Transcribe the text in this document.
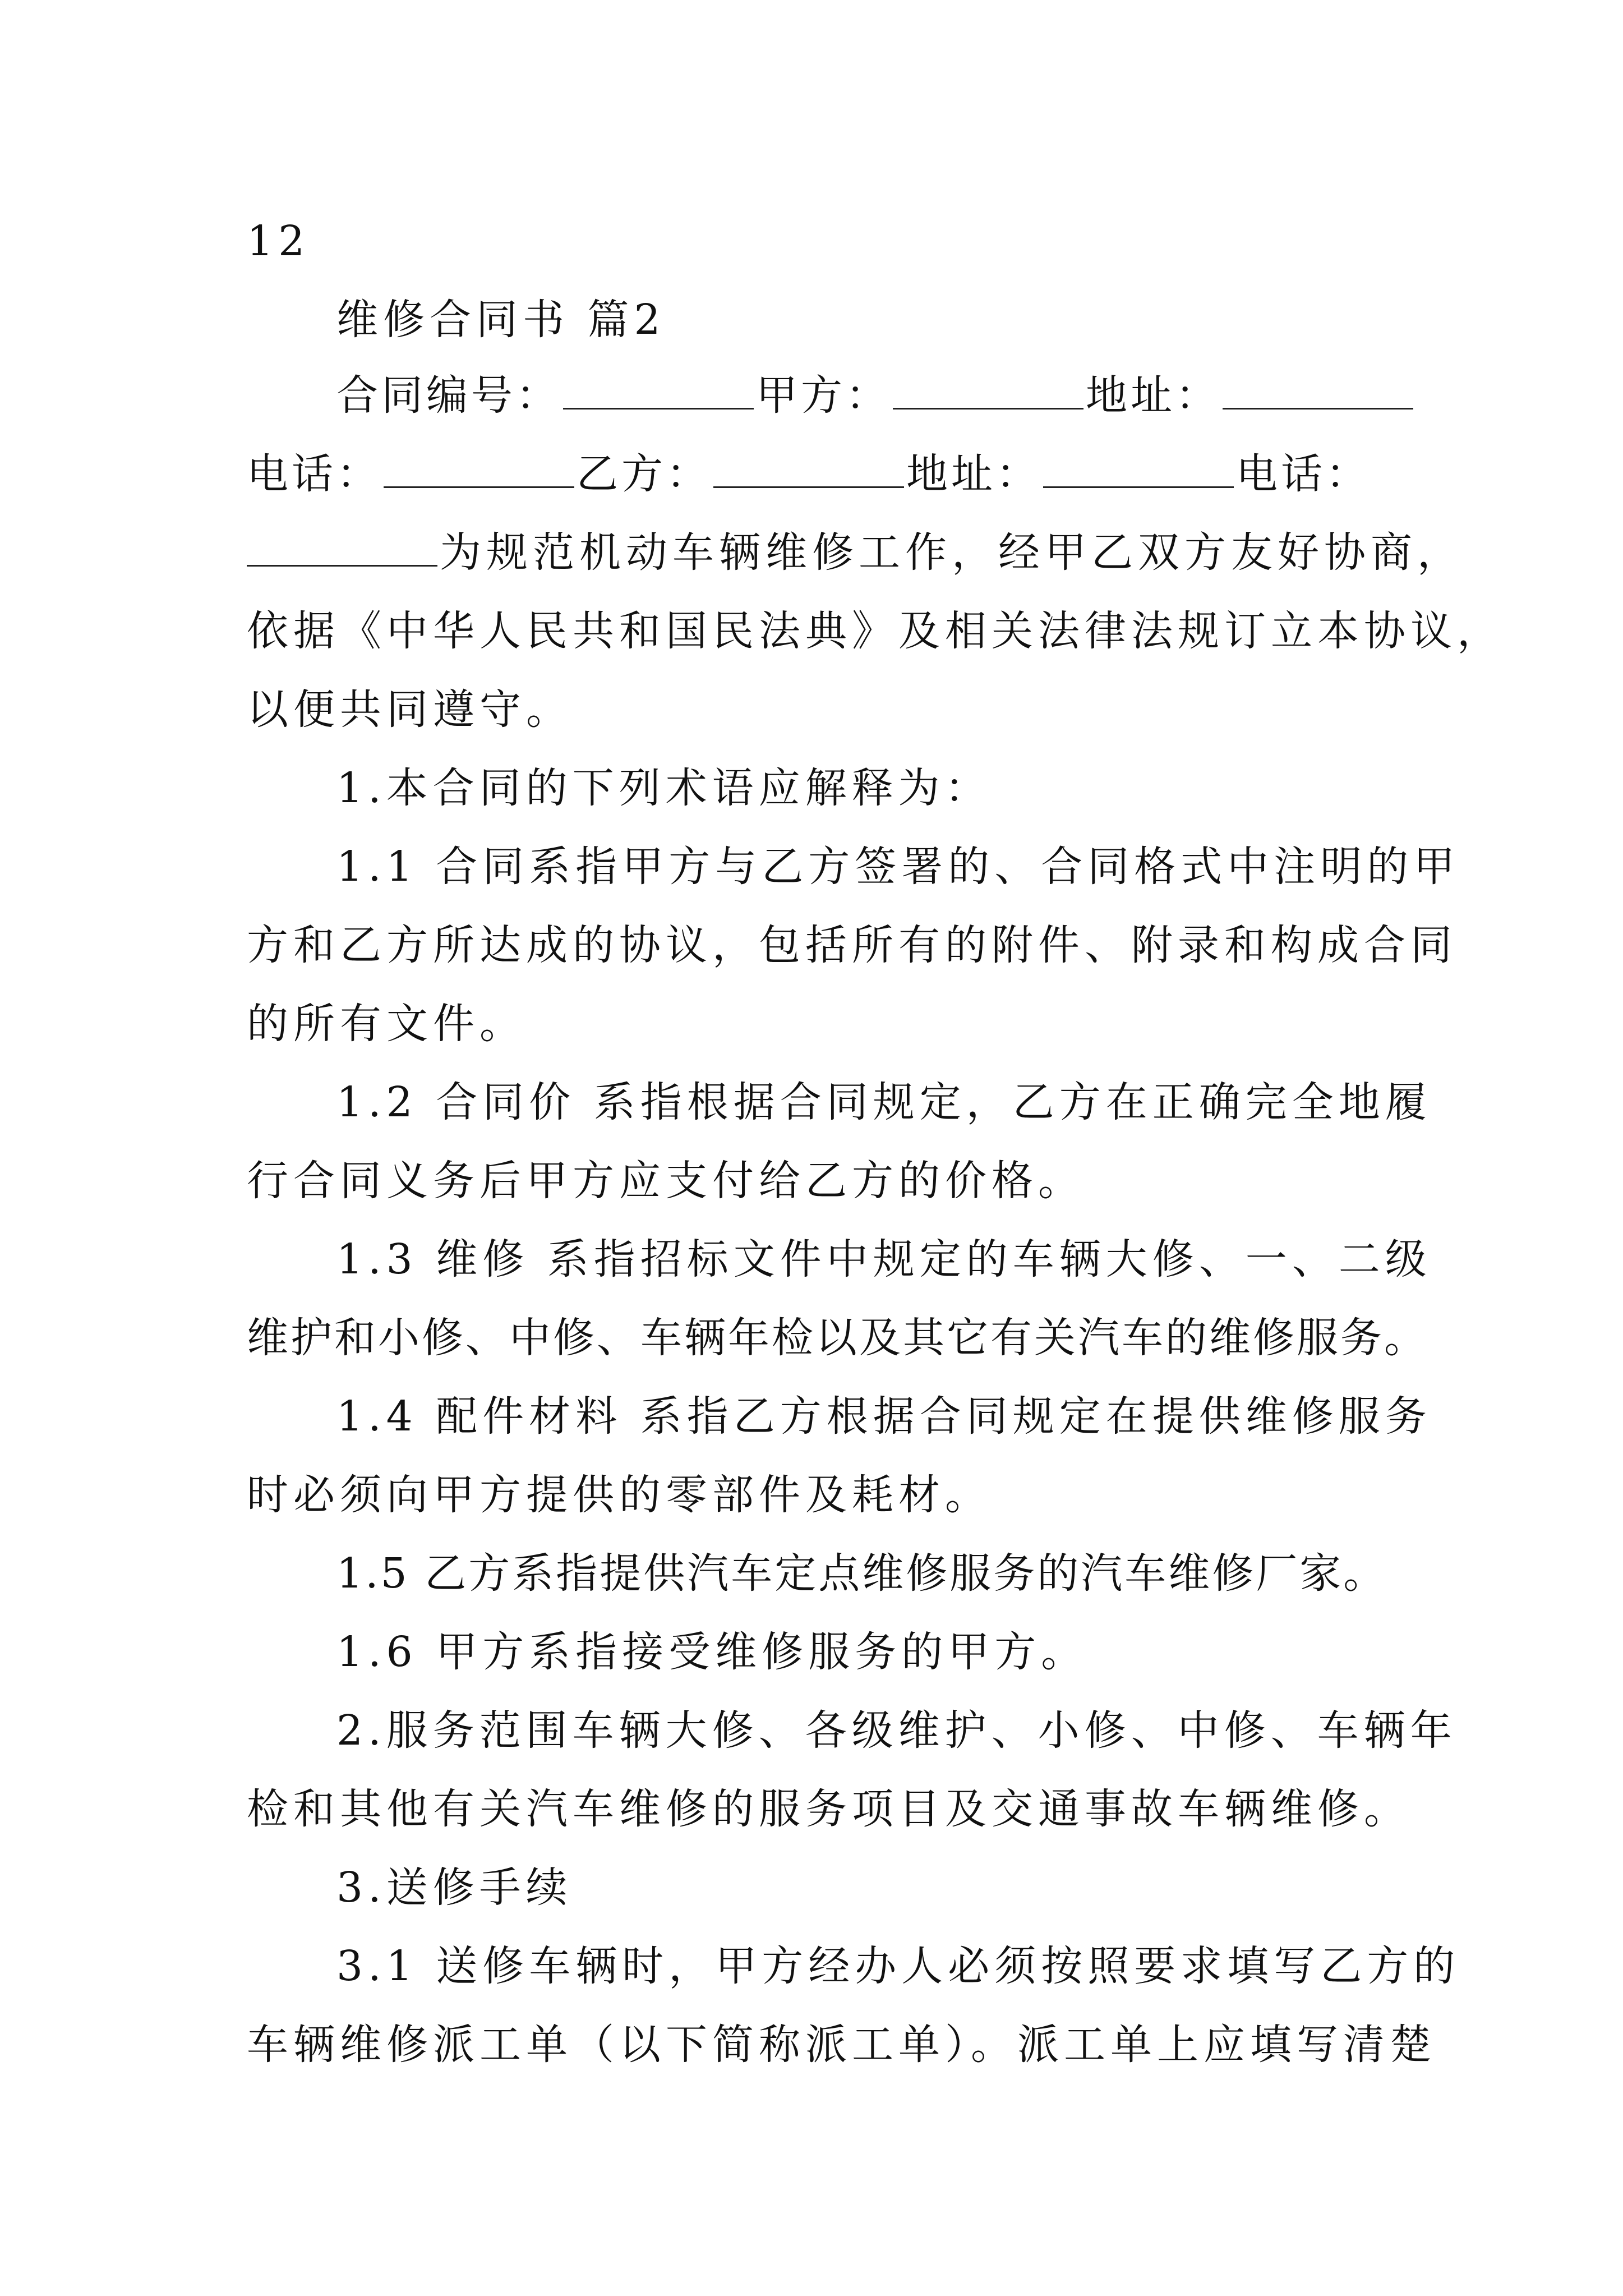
12
维修合同书 篇2
合同编号：	甲方：	地址：
电话：	乙方：	地址：	电话：
为规范机动车辆维修工作，经甲乙双方友好协商，
依据《中华人民共和国民法典》及相关法律法规订立本协议，
以便共同遵守。
1.本合同的下列术语应解释为：
1.1 合同系指甲方与乙方签署的、合同格式中注明的甲
方和乙方所达成的协议，包括所有的附件、附录和构成合同
的所有文件。
1.2 合同价 系指根据合同规定，乙方在正确完全地履
行合同义务后甲方应支付给乙方的价格。
1.3 维修 系指招标文件中规定的车辆大修、一、二级
维护和小修、中修、车辆年检以及其它有关汽车的维修服务。
1.4 配件材料 系指乙方根据合同规定在提供维修服务
时必须向甲方提供的零部件及耗材。
1.5 乙方系指提供汽车定点维修服务的汽车维修厂家。
1.6 甲方系指接受维修服务的甲方。
2.服务范围车辆大修、各级维护、小修、中修、车辆年
检和其他有关汽车维修的服务项目及交通事故车辆维修。
3.送修手续
3.1 送修车辆时，甲方经办人必须按照要求填写乙方的
车辆维修派工单（以下简称派工单）。派工单上应填写清楚
